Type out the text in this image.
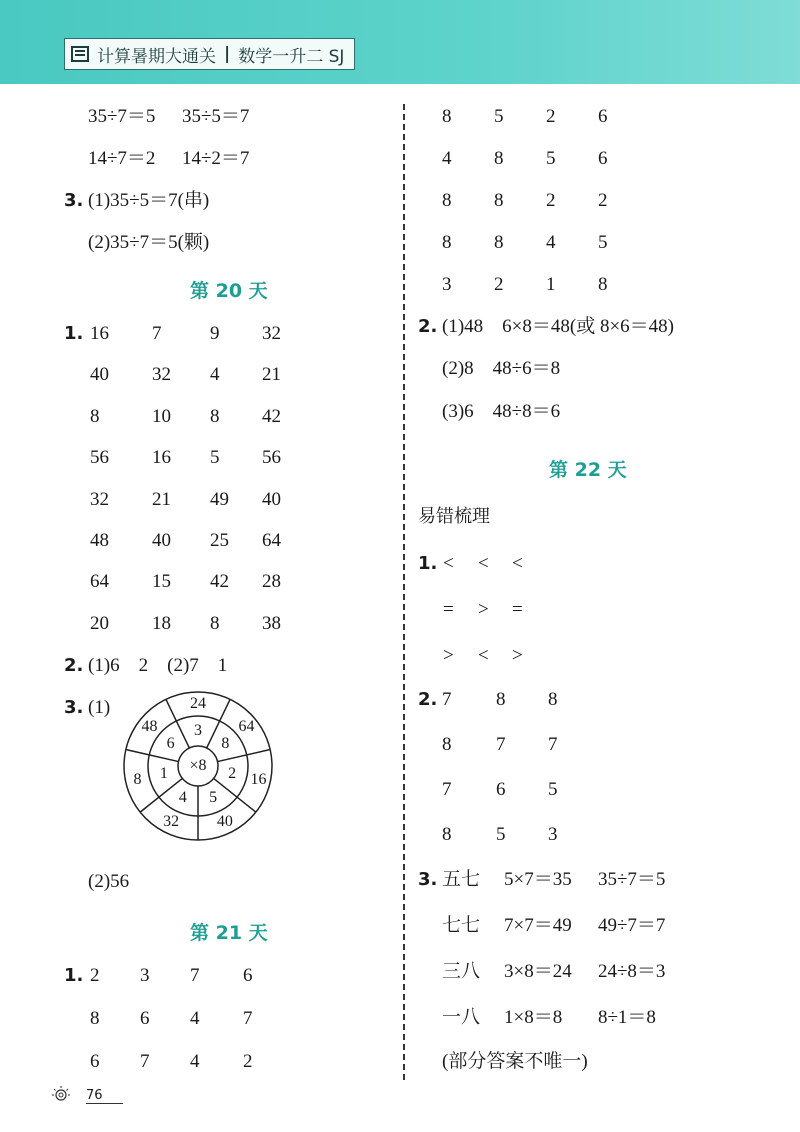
计算暑期大通关 | 数学一升二 SJ
35÷7＝5 35÷5＝7
14÷7＝2 14÷2＝7
3. (1)35÷5＝7(串)
(2)35÷7＝5(颗)
第 20 天
1. 16 7	9 32
40 32 4 21
8	10 8 42
56 16 5 56
32 21 49 40
48 40 25 64
64 15 42 28
20 18 8 38
2. (1)6　2　(2)7　1
3. (1)
×8
3
24
8
64
2 16
5
40
4
32
1
8
6
48
(2)56
第 21 天
1. 2 3 7 6
8 6 4 7
6 7 4 2
8 5 2 6
4 8 5 6
8 8 2 2
8 8 4 5
3 2 1 8
2. (1)48　6×8＝48(或 8×6＝48)
(2)8　48÷6＝8
(3)6　48÷8＝6
第 22 天
易错梳理
1. < < <
= > =
> < >
2. 7 8 8
8 7 7
7 6 5
8 5 3
3. 五七 5×7＝35 35÷7＝5
七七 7×7＝49 49÷7＝7
三八 3×8＝24 24÷8＝3
一八 1×8＝8 8÷1＝8
(部分答案不唯一)
76
